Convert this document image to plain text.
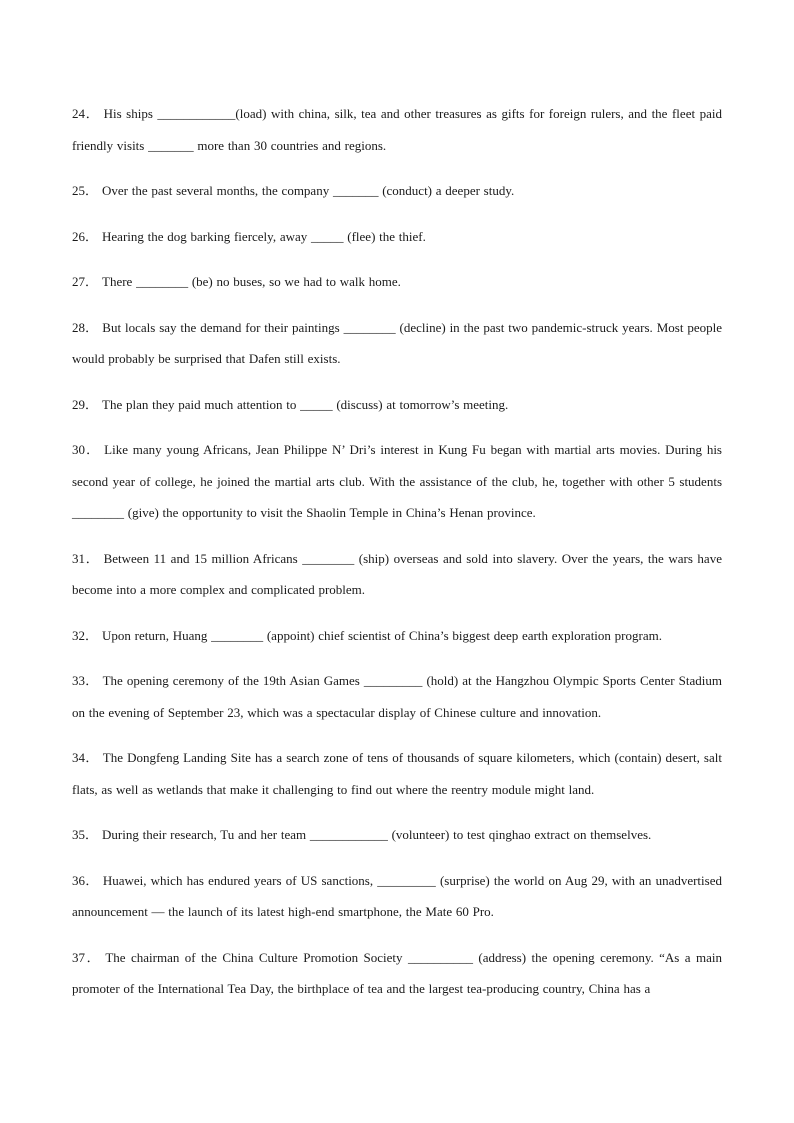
24． His ships ____________(load) with china, silk, tea and other treasures as gifts for foreign rulers, and the fleet paid friendly visits _______ more than 30 countries and regions.

25． Over the past several months, the company _______ (conduct) a deeper study.

26． Hearing the dog barking fiercely, away _____ (flee) the thief.

27． There ________ (be) no buses, so we had to walk home.

28． But locals say the demand for their paintings ________ (decline) in the past two pandemic-struck years. Most people would probably be surprised that Dafen still exists.

29． The plan they paid much attention to _____ (discuss) at tomorrow’s meeting.

30． Like many young Africans, Jean Philippe N’ Dri’s interest in Kung Fu began with martial arts movies. During his second year of college, he joined the martial arts club. With the assistance of the club, he, together with other 5 students ________ (give) the opportunity to visit the Shaolin Temple in China’s Henan province.

31． Between 11 and 15 million Africans ________ (ship) overseas and sold into slavery. Over the years, the wars have become into a more complex and complicated problem.

32． Upon return, Huang ________ (appoint) chief scientist of China’s biggest deep earth exploration program.

33． The opening ceremony of the 19th Asian Games _________ (hold) at the Hangzhou Olympic Sports Center Stadium on the evening of September 23, which was a spectacular display of Chinese culture and innovation.

34． The Dongfeng Landing Site has a search zone of tens of thousands of square kilometers, which (contain) desert, salt flats, as well as wetlands that make it challenging to find out where the reentry module might land.

35． During their research, Tu and her team ____________ (volunteer) to test qinghao extract on themselves.

36． Huawei, which has endured years of US sanctions, _________ (surprise) the world on Aug 29, with an unadvertised announcement — the launch of its latest high-end smartphone, the Mate 60 Pro.

37． The chairman of the China Culture Promotion Society __________ (address) the opening ceremony. “As a main promoter of the International Tea Day, the birthplace of tea and the largest tea-producing country, China has a
